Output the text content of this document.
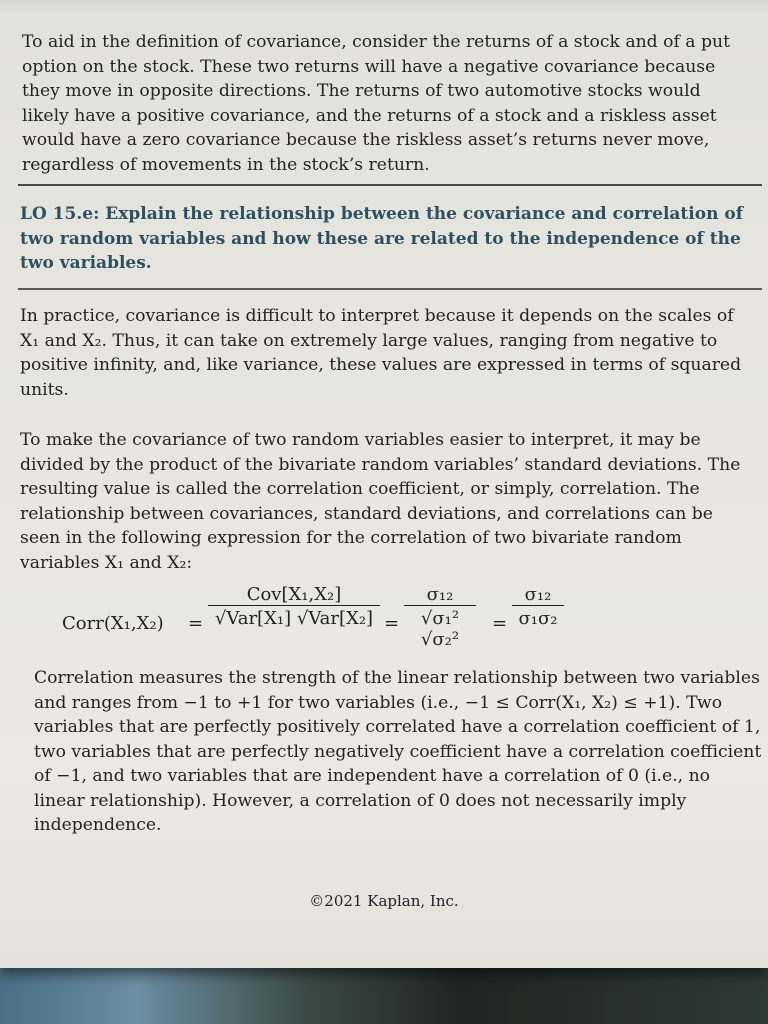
To aid in the definition of covariance, consider the returns of a stock and of a put option on the stock. These two returns will have a negative covariance because they move in opposite directions. The returns of two automotive stocks would likely have a positive covariance, and the returns of a stock and a riskless asset would have a zero covariance because the riskless asset’s returns never move, regardless of movements in the stock’s return.

LO 15.e: Explain the relationship between the covariance and correlation of two random variables and how these are related to the independence of the two variables.

In practice, covariance is difficult to interpret because it depends on the scales of X₁ and X₂. Thus, it can take on extremely large values, ranging from negative to positive infinity, and, like variance, these values are expressed in terms of squared units.

To make the covariance of two random variables easier to interpret, it may be divided by the product of the bivariate random variables’ standard deviations. The resulting value is called the correlation coefficient, or simply, correlation. The relationship between covariances, standard deviations, and correlations can be seen in the following expression for the correlation of two bivariate random variables X₁ and X₂:

Corr(X₁,X₂) =
Cov[X₁,X₂]
√Var[X₁] $√Var[X_2] = \frac{\text{σ₁₂}}{\text{√σ₁² √σ₂²}} = \frac{\text{σ₁₂}}{\text{σ₁σ₂}}$

Correlation measures the strength of the linear relationship between two variables and ranges from −1 to +1 for two variables (i.e., −1 ≤ Corr(X₁, X₂) ≤ +1). Two variables that are perfectly positively correlated have a correlation coefficient of 1, two variables that are perfectly negatively coefficient have a correlation coefficient of −1, and two variables that are independent have a correlation of 0 (i.e., no linear relationship). However, a correlation of 0 does not necessarily imply independence.

©2021 Kaplan, Inc.
